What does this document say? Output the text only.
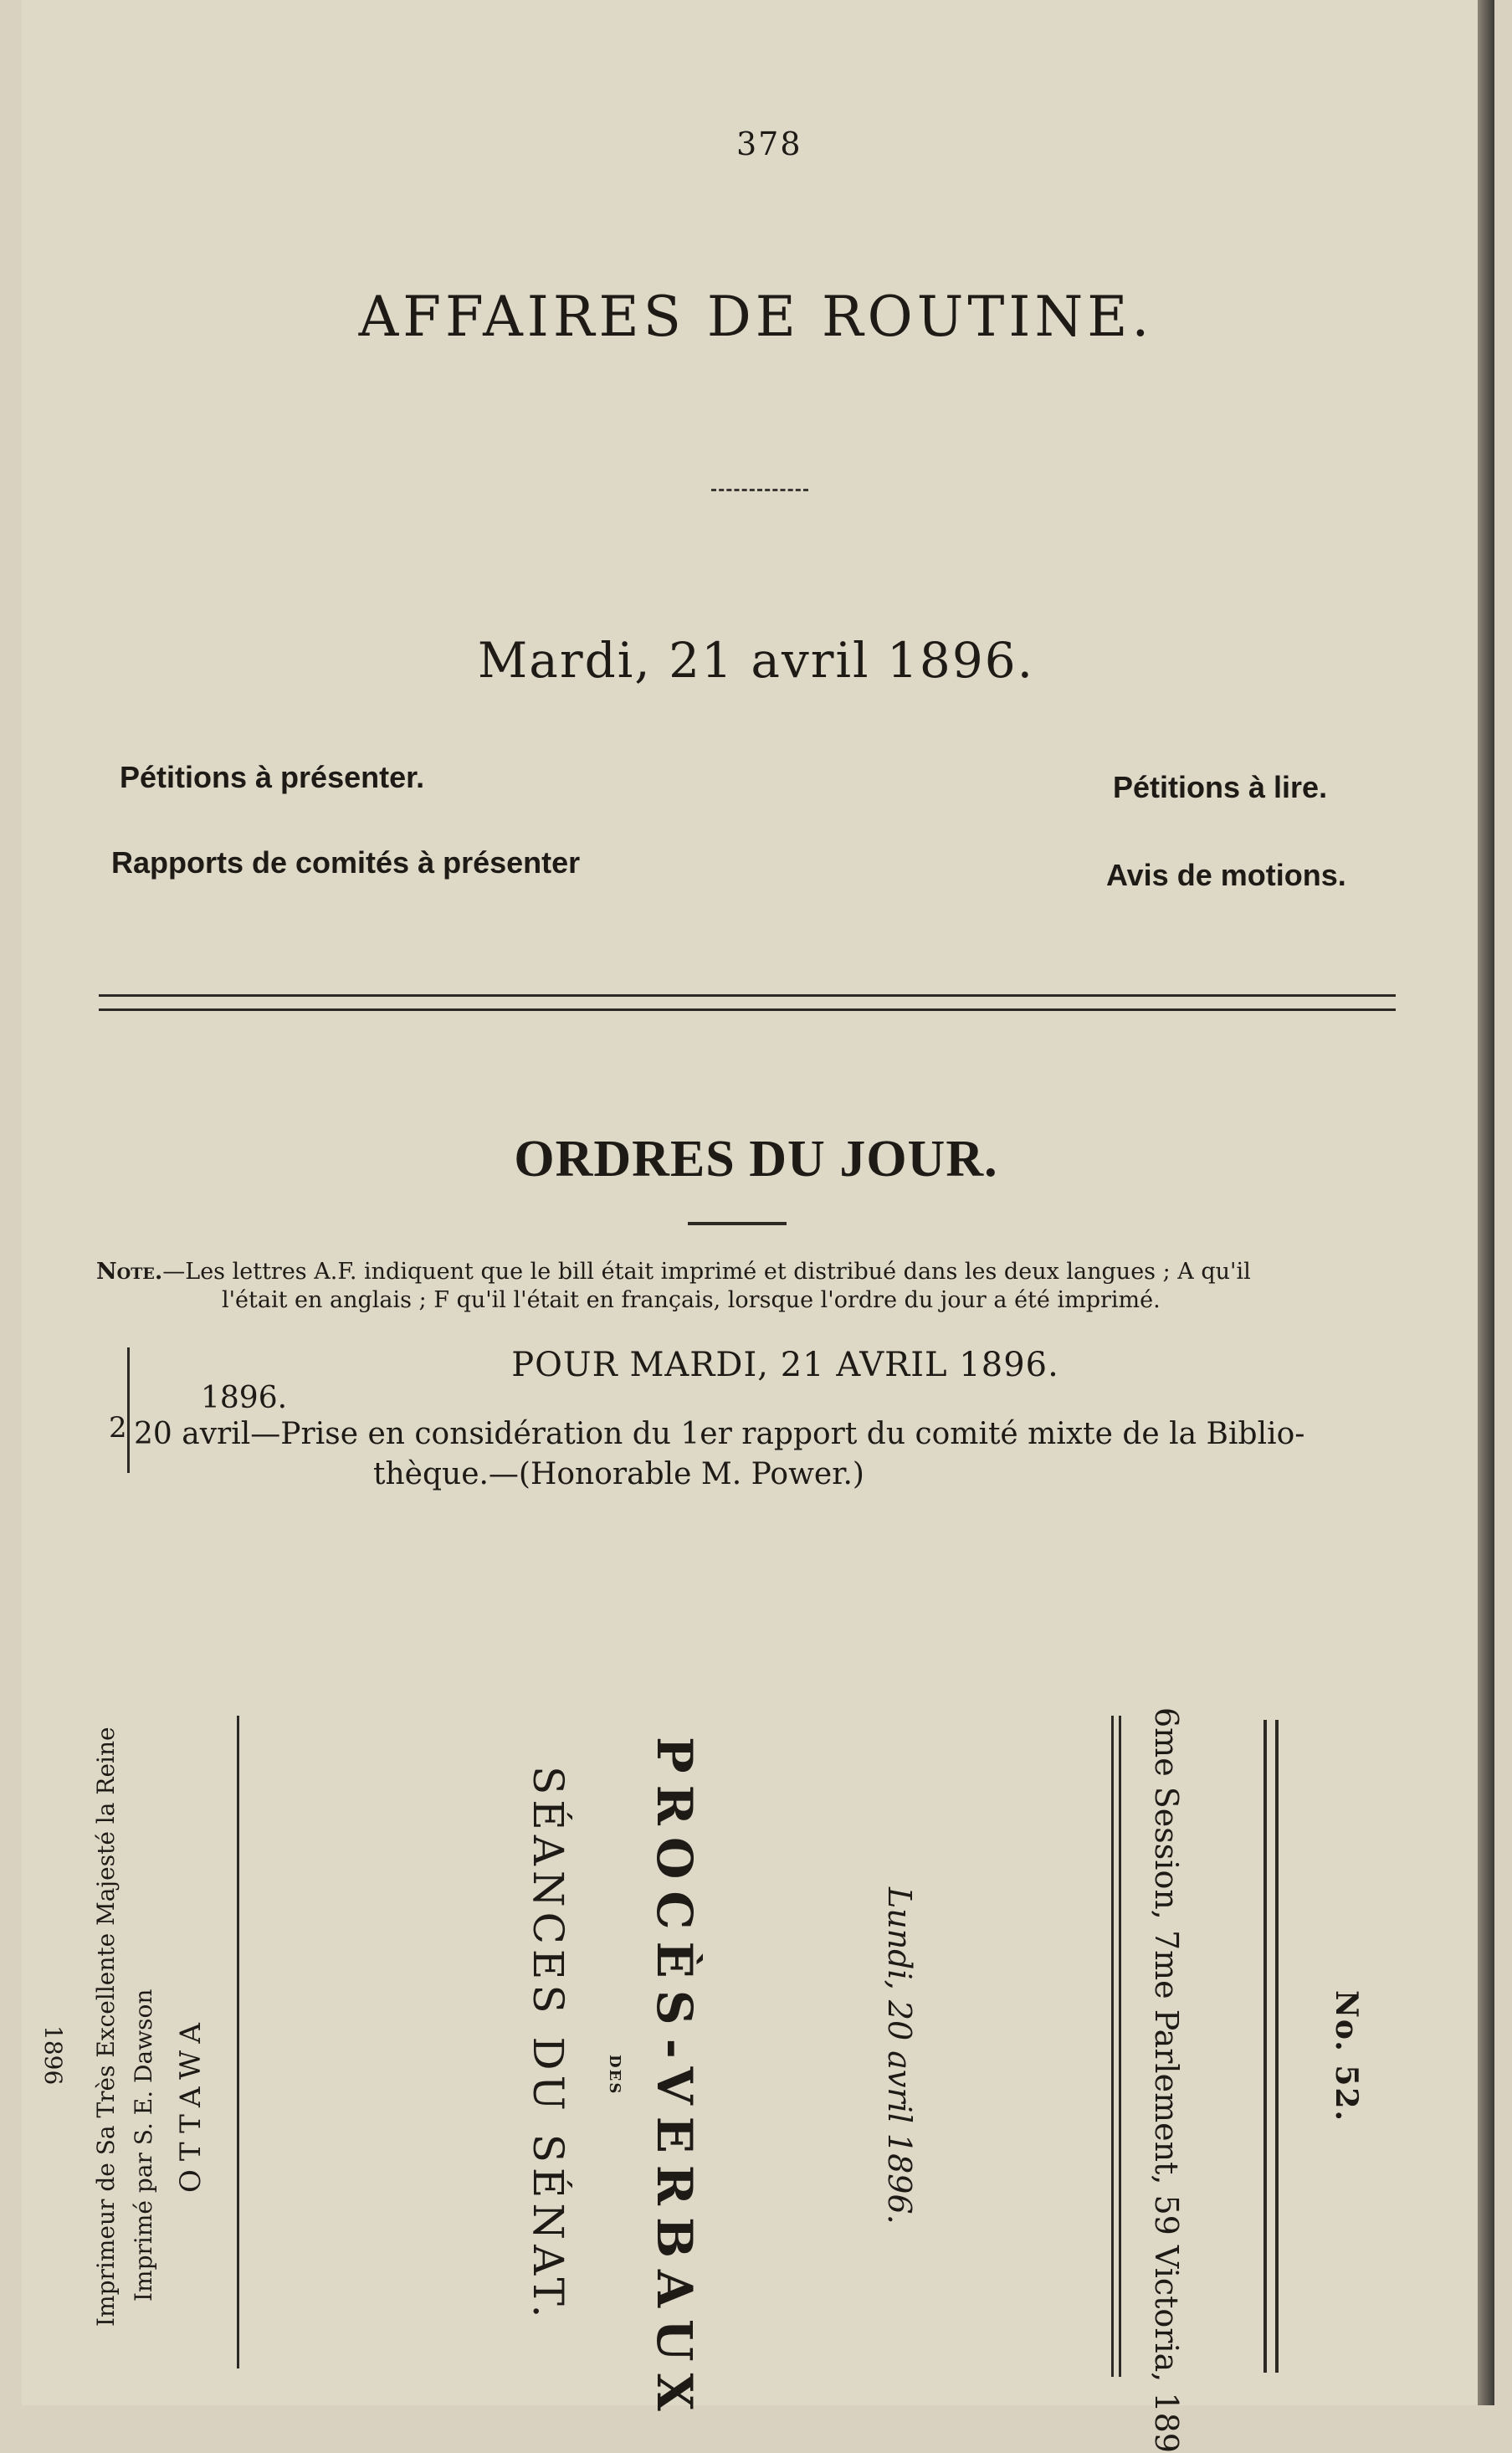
378
AFFAIRES DE ROUTINE.
Mardi, 21 avril 1896.
Pétitions à présenter.	Pétitions à lire.
Rapports de comités à présenter	Avis de motions.
ORDRES DU JOUR.
Note.—Les lettres A.F. indiquent que le bill était imprimé et distribué dans les deux langues ; A qu'il
l'était en anglais ; F qu'il l'était en français, lorsque l'ordre du jour a été imprimé.
POUR MARDI, 21 AVRIL 1896.
1896.
2 20 avril—Prise en considération du 1er rapport du comité mixte de la Biblio-
thèque.—(Honorable M. Power.)
No. 52.
6me Session, 7me Parlement, 59 Victoria, 189
Lundi, 20 avril 1896.
PROCÈS-VERBAUX
DES
SÉANCES DU SÉNAT.
OTTAWA
Imprimé par S. E. Dawson
Imprimeur de Sa Très Excellente Majesté la Reine
1896
